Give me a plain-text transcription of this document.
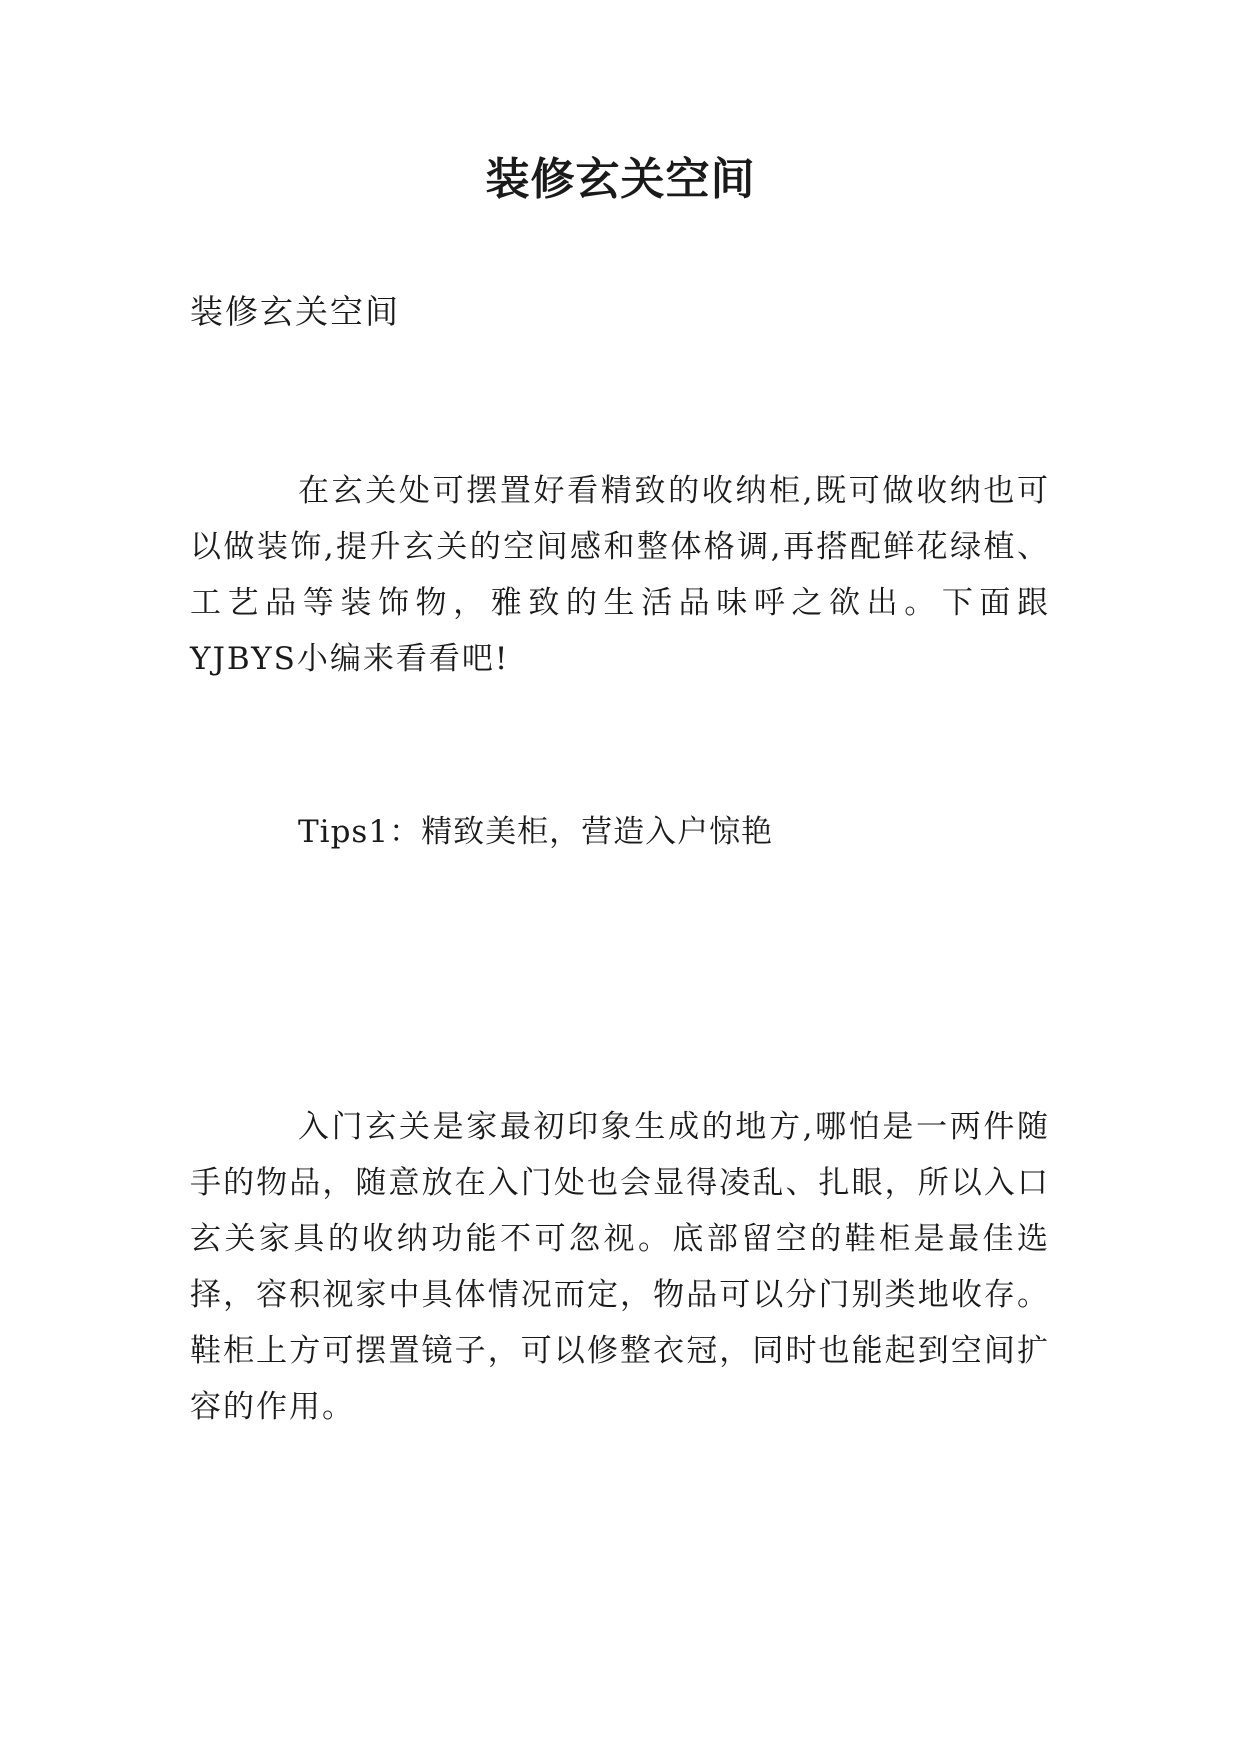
装修玄关空间

装修玄关空间

在玄关处可摆置好看精致的收纳柜,既可做收纳也可以做装饰,提升玄关的空间感和整体格调,再搭配鲜花绿植、工艺品等装饰物，雅致的生活品味呼之欲出。下面跟YJBYS小编来看看吧!

Tips1：精致美柜，营造入户惊艳

入门玄关是家最初印象生成的地方,哪怕是一两件随手的物品，随意放在入门处也会显得凌乱、扎眼，所以入口玄关家具的收纳功能不可忽视。底部留空的鞋柜是最佳选择，容积视家中具体情况而定，物品可以分门别类地收存。鞋柜上方可摆置镜子，可以修整衣冠，同时也能起到空间扩容的作用。
